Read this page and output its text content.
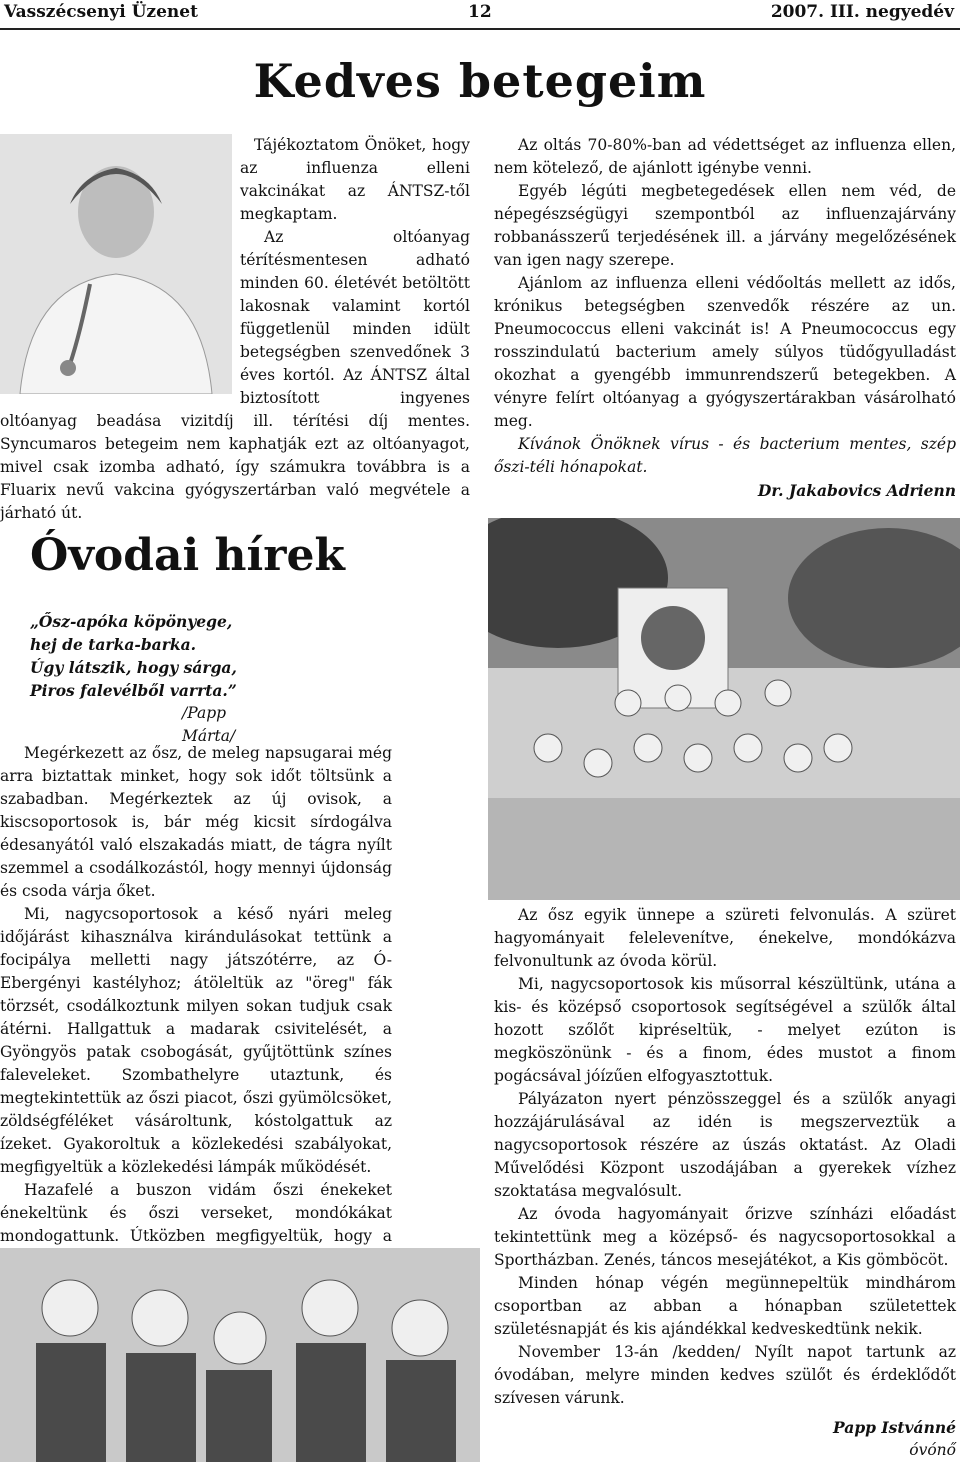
Vasszécsenyi Üzenet	12	2007. III. negyedév
Kedves betegeim

Tájékoztatom Önöket, hogy az influenza elleni vakcinákat az ÁNTSZ-től megkaptam.

Az oltóanyag térítésmentesen adható minden 60. életévét betöltött lakosnak valamint kortól függetlenül minden idült betegségben szenvedőnek 3 éves kortól. Az ÁNTSZ által biztosított ingyenes oltóanyag beadása vizitdíj ill. térítési díj mentes. Syncumaros betegeim nem kaphatják ezt az oltóanyagot, mivel csak izomba adható, így számukra továbbra is a Fluarix nevű vakcina gyógyszertárban való megvétele a járható út.

Az oltás 70-80%-ban ad védettséget az influenza ellen, nem kötelező, de ajánlott igénybe venni.

Egyéb légúti megbetegedések ellen nem véd, de népegészségügyi szempontból az influenzajárvány robbanásszerű terjedésének ill. a járvány megelőzésének van igen nagy szerepe.

Ajánlom az influenza elleni védőoltás mellett az idős, krónikus betegségben szenvedők részére az un. Pneumococcus elleni vakcinát is! A Pneumococcus egy rosszindulatú bacterium amely súlyos tüdőgyulladást okozhat a gyengébb immunrendszerű betegekben. A vényre felírt oltóanyag a gyógyszertárakban vásárolható meg.

Kívánok Önöknek vírus - és bacterium mentes, szép őszi-téli hónapokat.

Dr. Jakabovics Adrienn
Óvodai hírek
„Ősz-apóka köpönyege,
hej de tarka-barka.
Úgy látszik, hogy sárga,
Piros falevélből varrta.”
/Papp Márta/

Megérkezett az ősz, de meleg napsugarai még arra biztattak minket, hogy sok időt töltsünk a szabadban. Megérkeztek az új ovisok, a kiscsoportosok is, bár még kicsit sírdogálva édesanyától való elszakadás miatt, de tágra nyílt szemmel a csodálkozástól, hogy mennyi újdonság és csoda várja őket.

Mi, nagycsoportosok a késő nyári meleg időjárást kihasználva kirándulásokat tettünk a focipálya melletti nagy játszótérre, az Ó-Ebergényi kastélyhoz; átöleltük az "öreg" fák törzsét, csodálkoztunk milyen sokan tudjuk csak átérni. Hallgattuk a madarak csivitelését, a Gyöngyös patak csobogását, gyűjtöttünk színes faleveleket. Szombathelyre utaztunk, és megtekintettük az őszi piacot, őszi gyümölcsöket, zöldségféléket vásároltunk, kóstolgattuk az ízeket. Gyakoroltuk a közlekedési szabályokat, megfigyeltük a közlekedési lámpák működését.

Hazafelé a buszon vidám őszi énekeket énekeltünk és őszi verseket, mondókákat mondogattunk. Útközben megfigyeltük, hogy a

Az ősz egyik ünnepe a szüreti felvonulás. A szüret hagyományait felelevenítve, énekelve, mondókázva felvonultunk az óvoda körül.

Mi, nagycsoportosok kis műsorral készültünk, utána a kis- és középső csoportosok segítségével a szülők által hozott szőlőt kipréseltük, - melyet ezúton is megköszönünk - és a finom, édes mustot a finom pogácsával jóízűen elfogyasztottuk.

Pályázaton nyert pénzösszeggel és a szülők anyagi hozzájárulásával az idén is megszerveztük a nagycsoportosok részére az úszás oktatást. Az Oladi Művelődési Központ uszodájában a gyerekek vízhez szoktatása megvalósult.

Az óvoda hagyományait őrizve színházi előadást tekintettünk meg a középső- és nagycsoportosokkal a Sportházban. Zenés, táncos mesejátékot, a Kis gömböcöt.

Minden hónap végén megünnepeltük mindhárom csoportban az abban a hónapban születettek születésnapját és kis ajándékkal kedveskedtünk nekik.

November 13-án /kedden/ Nyílt napot tartunk az óvodában, melyre minden kedves szülőt és érdeklődőt szívesen várunk.

Papp Istvánné
óvónő
